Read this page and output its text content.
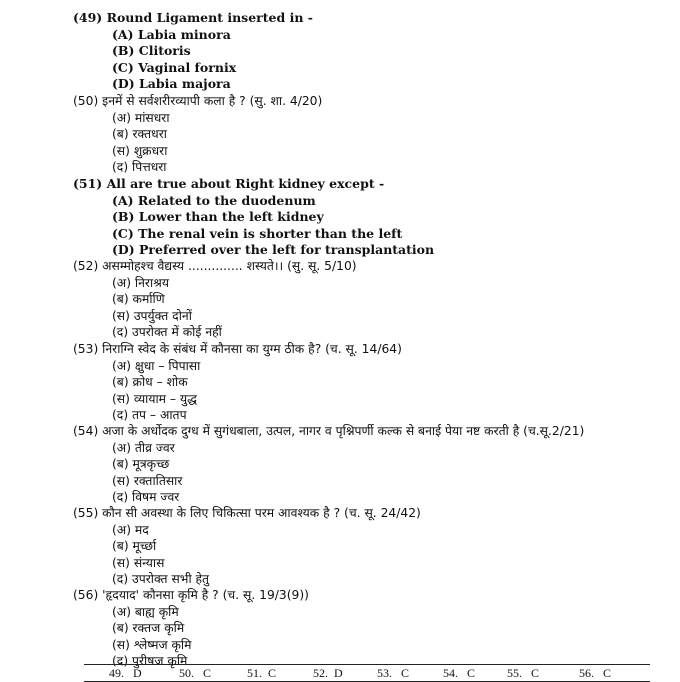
(49) Round Ligament inserted in -
(A) Labia minora
(B) Clitoris
(C) Vaginal fornix
(D) Labia majora
(50) इनमें से सर्वशरीरव्यापी कला है ? (सु. शा. 4/20)
(अ) मांसधरा
(ब) रक्तधरा
(स) शुक्रधरा
(द) पित्तधरा
(51) All are true about Right kidney except -
(A) Related to the duodenum
(B) Lower than the left kidney
(C) The renal vein is shorter than the left
(D) Preferred over the left for transplantation
(52) असम्मोहश्च वैद्यस्य .............. शस्यते।। (सु. सू. 5/10)
(अ) निराश्रय
(ब) कर्माणि
(स) उपर्युक्त दोनों
(द) उपरोक्त में कोई नहीं
(53) निराग्नि स्वेद के संबंध में कौनसा का युग्म ठीक है? (च. सू. 14/64)
(अ) क्षुधा – पिपासा
(ब) क्रोध – शोक
(स) व्यायाम – युद्ध
(द) तप – आतप
(54) अजा के अर्धोदक दुग्ध में सुगंधबाला, उत्पल, नागर व पृश्निपर्णी कल्क से बनाई पेया नष्ट करती है (च.सू.2/21)
(अ) तीव्र ज्वर
(ब) मूत्रकृच्छ
(स) रक्तातिसार
(द) विषम ज्वर
(55) कौन सी अवस्था के लिए चिकित्सा परम आवश्यक है ? (च. सू. 24/42)
(अ) मद
(ब) मूर्च्छा
(स) संन्यास
(द) उपरोक्त सभी हेतु
(56) 'हृदयाद' कौनसा कृमि है ? (च. सू. 19/3(9))
(अ) बाह्य कृमि
(ब) रक्तज कृमि
(स) श्लेष्मज कृमि
(द) पुरीषज कृमि
49.   D	50.   C	51.  C	52.  D	53.   C	54.   C	55.   C	56.   C
